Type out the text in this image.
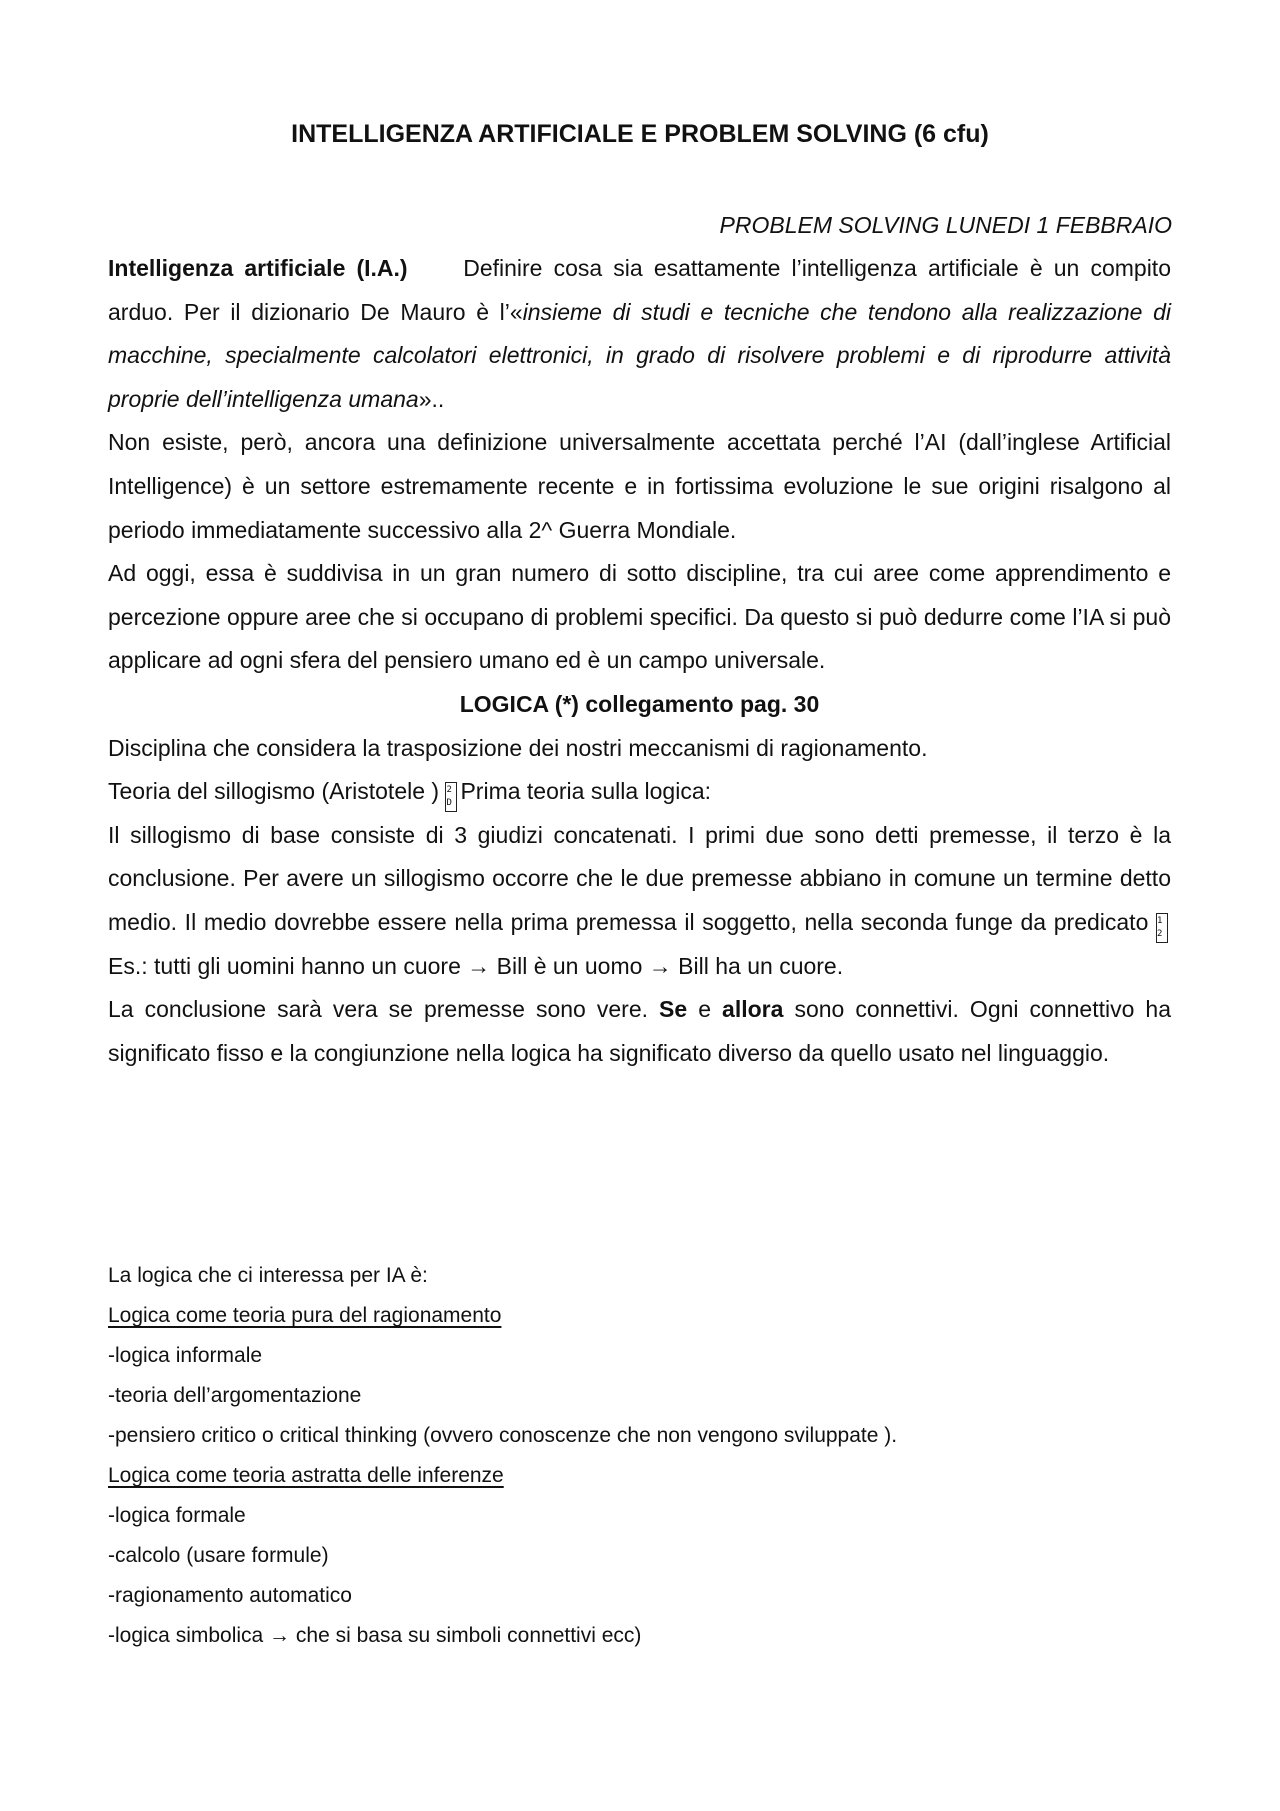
INTELLIGENZA ARTIFICIALE E PROBLEM SOLVING (6 cfu)
PROBLEM SOLVING LUNEDI 1 FEBBRAIO

Intelligenza artificiale (I.A.) Definire cosa sia esattamente l’intelligenza artificiale è un compito arduo. Per il dizionario De Mauro è l’«insieme di studi e tecniche che tendono alla realizzazione di macchine, specialmente calcolatori elettronici, in grado di risolvere problemi e di riprodurre attività proprie dell’intelligenza umana»..

Non esiste, però, ancora una definizione universalmente accettata perché l’AI (dall’inglese Artificial Intelligence) è un settore estremamente recente e in fortissima evoluzione le sue origini risalgono al periodo immediatamente successivo alla 2^ Guerra Mondiale.

Ad oggi, essa è suddivisa in un gran numero di sotto discipline, tra cui aree come apprendimento e percezione oppure aree che si occupano di problemi specifici. Da questo si può dedurre come l’IA si può applicare ad ogni sfera del pensiero umano ed è un campo universale.

LOGICA (*) collegamento pag. 30

Disciplina che considera la trasposizione dei nostri meccanismi di ragionamento.

Teoria del sillogismo (Aristotele ) 2
D Prima teoria sulla logica:

Il sillogismo di base consiste di 3 giudizi concatenati. I primi due sono detti premesse, il terzo è la conclusione. Per avere un sillogismo occorre che le due premesse abbiano in comune un termine detto medio. Il medio dovrebbe essere nella prima premessa il soggetto, nella seconda funge da predicato 1
2Es.: tutti gli uomini hanno un cuore → Bill è un uomo → Bill ha un cuore.

La conclusione sarà vera se premesse sono vere. Se e allora sono connettivi. Ogni connettivo ha significato fisso e la congiunzione nella logica ha significato diverso da quello usato nel linguaggio.

La logica che ci interessa per IA è:
Logica come teoria pura del ragionamento
-logica informale
-teoria dell’argomentazione
-pensiero critico o critical thinking (ovvero conoscenze che non vengono sviluppate ).
Logica come teoria astratta delle inferenze
-logica formale
-calcolo (usare formule)
-ragionamento automatico
-logica simbolica → che si basa su simboli connettivi ecc)
